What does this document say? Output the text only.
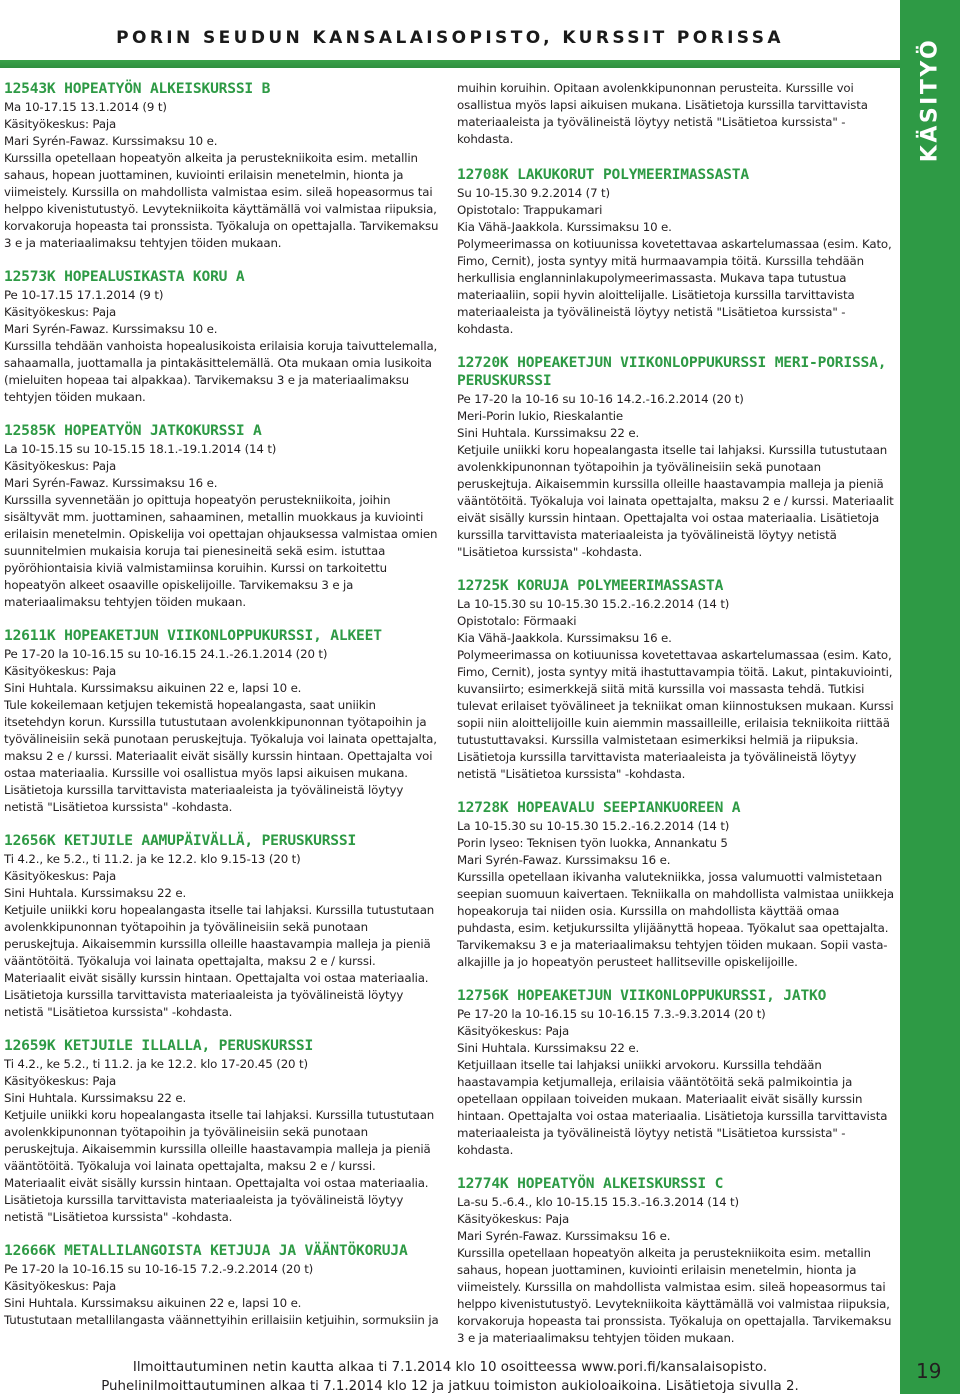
PORIN SEUDUN KANSALAISOPISTO, KURSSIT PORISSA	KÄSITYÖ
12543K HOPEATYÖN ALKEISKURSSI B
Ma 10-17.15 13.1.2014 (9 t)
Käsityökeskus: Paja
Mari Syrén-Fawaz. Kurssimaksu 10 e.
Kurssilla opetellaan hopeatyön alkeita ja perustekniikoita esim. metallin sahaus, hopean juottaminen, kuviointi erilaisin menetelmin, hionta ja viimeistely. Kurssilla on mahdollista valmistaa esim. sileä hopeasormus tai helppo kivenistutustyö. Levytekniikoita käyttämällä voi valmistaa riipuksia, korvakoruja hopeasta tai pronssista. Työkaluja on opettajalla. Tarvikemaksu 3 e ja materiaalimaksu tehtyjen töiden mukaan.
12573K HOPEALUSIKASTA KORU A
Pe 10-17.15 17.1.2014 (9 t)
Käsityökeskus: Paja
Mari Syrén-Fawaz. Kurssimaksu 10 e.
Kurssilla tehdään vanhoista hopealusikoista erilaisia koruja taivuttelemalla, sahaamalla, juottamalla ja pintakäsittelemällä. Ota mukaan omia lusikoita (mieluiten hopeaa tai alpakkaa). Tarvikemaksu 3 e ja materiaalimaksu tehtyjen töiden mukaan.
12585K HOPEATYÖN JATKOKURSSI A
La 10-15.15 su 10-15.15 18.1.-19.1.2014 (14 t)
Käsityökeskus: Paja
Mari Syrén-Fawaz. Kurssimaksu 16 e.
Kurssilla syvennetään jo opittuja hopeatyön perustekniikoita, joihin sisältyvät mm. juottaminen, sahaaminen, metallin muokkaus ja kuviointi erilaisin menetelmin. Opiskelija voi opettajan ohjauksessa valmistaa omien suunnitelmien mukaisia koruja tai pienesineitä sekä esim. istuttaa pyöröhiontaisia kiviä valmistamiinsa koruihin. Kurssi on tarkoitettu hopeatyön alkeet osaaville opiskelijoille. Tarvikemaksu 3 e ja materiaalimaksu tehtyjen töiden mukaan.
12611K HOPEAKETJUN VIIKONLOPPUKURSSI, ALKEET
Pe 17-20 la 10-16.15 su 10-16.15 24.1.-26.1.2014 (20 t)
Käsityökeskus: Paja
Sini Huhtala. Kurssimaksu aikuinen 22 e, lapsi 10 e.
Tule kokeilemaan ketjujen tekemistä hopealangasta, saat uniikin itsetehdyn korun. Kurssilla tutustutaan avolenkkipunonnan työtapoihin ja työvälineisiin sekä punotaan peruskejtuja. Työkaluja voi lainata opettajalta, maksu 2 e / kurssi. Materiaalit eivät sisälly kurssin hintaan. Opettajalta voi ostaa materiaalia. Kurssille voi osallistua myös lapsi aikuisen mukana. Lisätietoja kurssilla tarvittavista materiaaleista ja työvälineistä löytyy netistä "Lisätietoa kurssista" -kohdasta.
12656K KETJUILE AAMUPÄIVÄLLÄ, PERUSKURSSI
Ti 4.2., ke 5.2., ti 11.2. ja ke 12.2. klo 9.15-13 (20 t)
Käsityökeskus: Paja
Sini Huhtala. Kurssimaksu 22 e.
Ketjuile uniikki koru hopealangasta itselle tai lahjaksi. Kurssilla tutustutaan avolenkkipunonnan työtapoihin ja työvälineisiin sekä punotaan peruskejtuja. Aikaisemmin kurssilla olleille haastavampia malleja ja pieniä vääntötöitä. Työkaluja voi lainata opettajalta, maksu 2 e / kurssi. Materiaalit eivät sisälly kurssin hintaan. Opettajalta voi ostaa materiaalia. Lisätietoja kurssilla tarvittavista materiaaleista ja työvälineistä löytyy netistä "Lisätietoa kurssista" -kohdasta.
12659K KETJUILE ILLALLA, PERUSKURSSI
Ti 4.2., ke 5.2., ti 11.2. ja ke 12.2. klo 17-20.45 (20 t)
Käsityökeskus: Paja
Sini Huhtala. Kurssimaksu 22 e.
Ketjuile uniikki koru hopealangasta itselle tai lahjaksi. Kurssilla tutustutaan avolenkkipunonnan työtapoihin ja työvälineisiin sekä punotaan peruskejtuja. Aikaisemmin kurssilla olleille haastavampia malleja ja pieniä vääntötöitä. Työkaluja voi lainata opettajalta, maksu 2 e / kurssi. Materiaalit eivät sisälly kurssin hintaan. Opettajalta voi ostaa materiaalia. Lisätietoja kurssilla tarvittavista materiaaleista ja työvälineistä löytyy netistä "Lisätietoa kurssista" -kohdasta.
12666K METALLILANGOISTA KETJUJA JA VÄÄNTÖKORUJA
Pe 17-20 la 10-16.15 su 10-16-15 7.2.-9.2.2014 (20 t)
Käsityökeskus: Paja
Sini Huhtala. Kurssimaksu aikuinen 22 e, lapsi 10 e.
Tutustutaan metallilangasta väännettyihin erillaisiin ketjuihin, sormuksiin ja
muihin koruihin. Opitaan avolenkkipunonnan perusteita. Kurssille voi osallistua myös lapsi aikuisen mukana. Lisätietoja kurssilla tarvittavista materiaaleista ja työvälineistä löytyy netistä "Lisätietoa kurssista" -kohdasta.
12708K LAKUKORUT POLYMEERIMASSASTA
Su 10-15.30 9.2.2014 (7 t)
Opistotalo: Trappukamari
Kia Vähä-Jaakkola. Kurssimaksu 10 e.
Polymeerimassa on kotiuunissa kovetettavaa askartelumassaa (esim. Kato, Fimo, Cernit), josta syntyy mitä hurmaavampia töitä. Kurssilla tehdään herkullisia englanninlakupolymeerimassasta. Mukava tapa tutustua materiaaliin, sopii hyvin aloittelijalle. Lisätietoja kurssilla tarvittavista materiaaleista ja työvälineistä löytyy netistä "Lisätietoa kurssista" -kohdasta.
12720K HOPEAKETJUN VIIKONLOPPUKURSSI MERI-PORISSA, PERUSKURSSI
Pe 17-20 la 10-16 su 10-16 14.2.-16.2.2014 (20 t)
Meri-Porin lukio, Rieskalantie
Sini Huhtala. Kurssimaksu 22 e.
Ketjuile uniikki koru hopealangasta itselle tai lahjaksi. Kurssilla tutustutaan avolenkkipunonnan työtapoihin ja työvälineisiin sekä punotaan peruskejtuja. Aikaisemmin kurssilla olleille haastavampia malleja ja pieniä vääntötöitä. Työkaluja voi lainata opettajalta, maksu 2 e / kurssi. Materiaalit eivät sisälly kurssin hintaan. Opettajalta voi ostaa materiaalia. Lisätietoja kurssilla tarvittavista materiaaleista ja työvälineistä löytyy netistä "Lisätietoa kurssista" -kohdasta.
12725K KORUJA POLYMEERIMASSASTA
La 10-15.30 su 10-15.30 15.2.-16.2.2014 (14 t)
Opistotalo: Förmaaki
Kia Vähä-Jaakkola. Kurssimaksu 16 e.
Polymeerimassa on kotiuunissa kovetettavaa askartelumassaa (esim. Kato, Fimo, Cernit), josta syntyy mitä ihastuttavampia töitä. Lakut, pintakuviointi, kuvansiirto; esimerkkejä siitä mitä kurssilla voi massasta tehdä. Tutkisi tulevat erilaiset työvälineet ja tekniikat oman kiinnostuksen mukaan. Kurssi sopii niin aloittelijoille kuin aiemmin massailleille, erilaisia tekniikoita riittää tutustuttavaksi. Kurssilla valmistetaan esimerkiksi helmiä ja riipuksia. Lisätietoja kurssilla tarvittavista materiaaleista ja työvälineistä löytyy netistä "Lisätietoa kurssista" -kohdasta.
12728K HOPEAVALU SEEPIANKUOREEN A
La 10-15.30 su 10-15.30 15.2.-16.2.2014 (14 t)
Porin lyseo: Teknisen työn luokka, Annankatu 5
Mari Syrén-Fawaz. Kurssimaksu 16 e.
Kurssilla opetellaan ikivanha valutekniikka, jossa valumuotti valmistetaan seepian suomuun kaivertaen. Tekniikalla on mahdollista valmistaa uniikkeja hopeakoruja tai niiden osia. Kurssilla on mahdollista käyttää omaa puhdasta, esim. ketjukurssilta ylijäänyttä hopeaa. Työkalut saa opettajalta. Tarvikemaksu 3 e ja materiaalimaksu tehtyjen töiden mukaan. Sopii vasta-alkajille ja jo hopeatyön perusteet hallitseville opiskelijoille.
12756K HOPEAKETJUN VIIKONLOPPUKURSSI, JATKO
Pe 17-20 la 10-16.15 su 10-16.15 7.3.-9.3.2014 (20 t)
Käsityökeskus: Paja
Sini Huhtala. Kurssimaksu 22 e.
Ketjuillaan itselle tai lahjaksi uniikki arvokoru. Kurssilla tehdään haastavampia ketjumalleja, erilaisia vääntötöitä sekä palmikointia ja opetellaan oppilaan toiveiden mukaan. Materiaalit eivät sisälly kurssin hintaan. Opettajalta voi ostaa materiaalia. Lisätietoja kurssilla tarvittavista materiaaleista ja työvälineistä löytyy netistä "Lisätietoa kurssista" -kohdasta.
12774K HOPEATYÖN ALKEISKURSSI C
La-su 5.-6.4., klo 10-15.15 15.3.-16.3.2014 (14 t)
Käsityökeskus: Paja
Mari Syrén-Fawaz. Kurssimaksu 16 e.
Kurssilla opetellaan hopeatyön alkeita ja perustekniikoita esim. metallin sahaus, hopean juottaminen, kuviointi erilaisin menetelmin, hionta ja viimeistely. Kurssilla on mahdollista valmistaa esim. sileä hopeasormus tai helppo kivenistutustyö. Levytekniikoita käyttämällä voi valmistaa riipuksia, korvakoruja hopeasta tai pronssista. Työkaluja on opettajalla. Tarvikemaksu 3 e ja materiaalimaksu tehtyjen töiden mukaan.
Ilmoittautuminen netin kautta alkaa ti 7.1.2014 klo 10 osoitteessa www.pori.fi/kansalaisopisto.
Puhelinilmoittautuminen alkaa ti 7.1.2014 klo 12 ja jatkuu toimiston aukioloaikoina. Lisätietoja sivulla 2.
19
